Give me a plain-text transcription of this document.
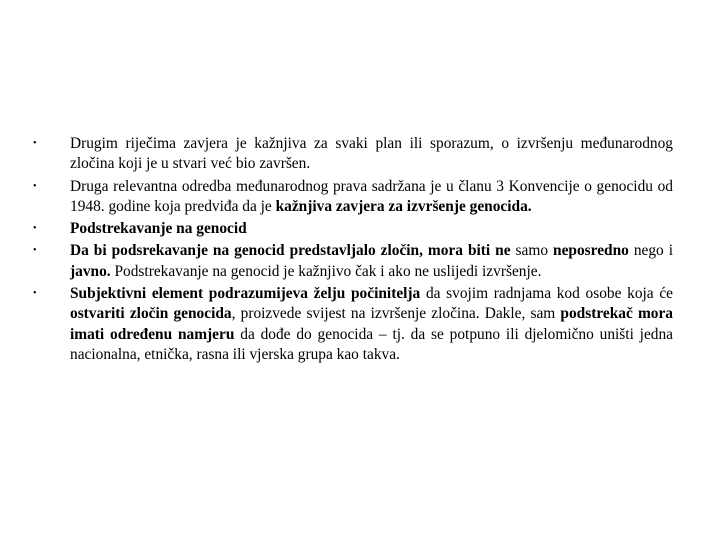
• Drugim riječima zavjera je kažnjiva za svaki plan ili sporazum, o izvršenju međunarodnog zločina koji je u stvari već bio završen.
• Druga relevantna odredba međunarodnog prava sadržana je u članu 3 Konvencije o genocidu od 1948. godine koja predviđa da je kažnjiva zavjera za izvršenje genocida.
• Podstrekavanje na genocid
• Da bi podsrekavanje na genocid predstavljalo zločin, mora biti ne samo neposredno nego i javno. Podstrekavanje na genocid je kažnjivo čak i ako ne uslijedi izvršenje.
• Subjektivni element podrazumijeva želju počinitelja da svojim radnjama kod osobe koja će ostvariti zločin genocida, proizvede svijest na izvršenje zločina. Dakle, sam podstrekač mora imati određenu namjeru da dođe do genocida – tj. da se potpuno ili djelomično uništi jedna nacionalna, etnička, rasna ili vjerska grupa kao takva.
